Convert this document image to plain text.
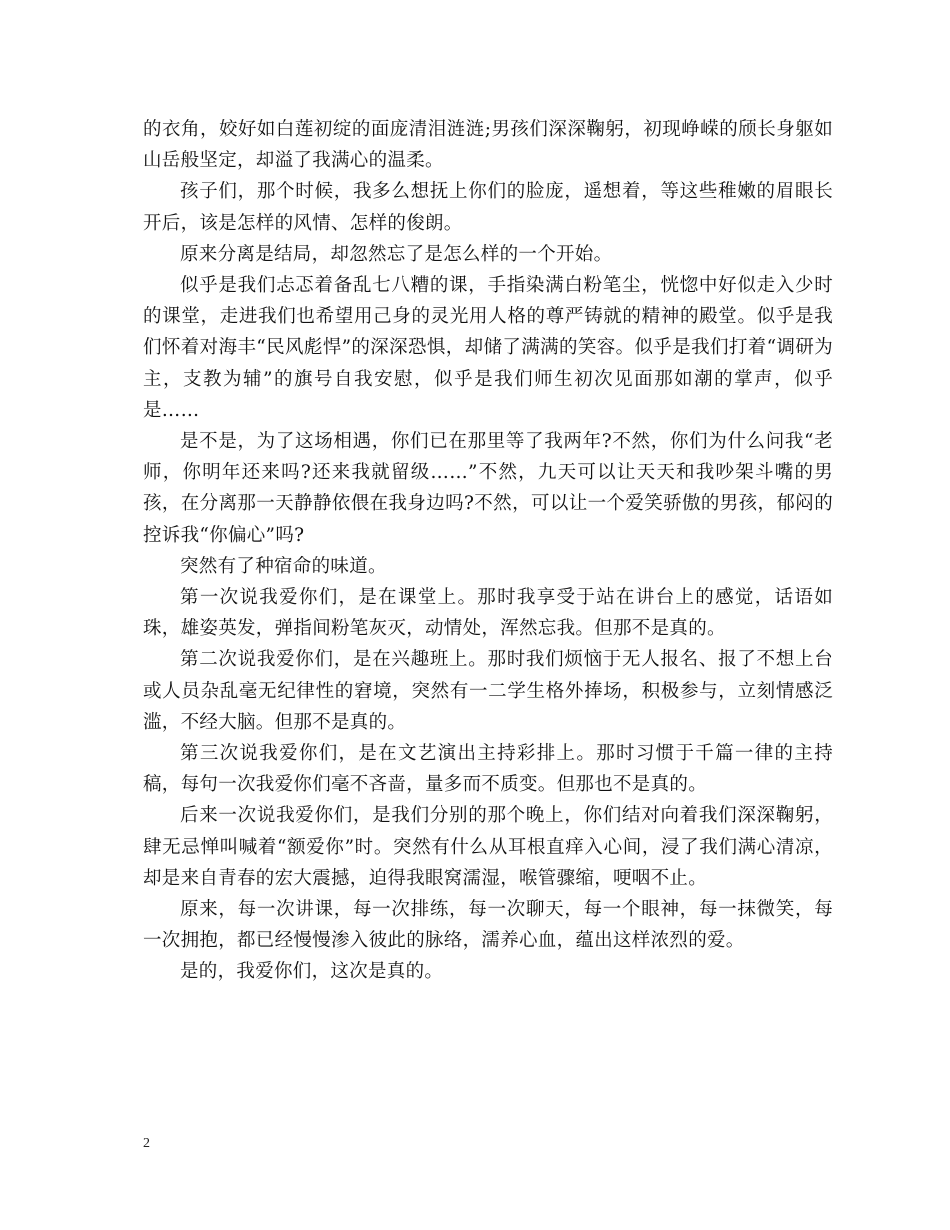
的衣角，姣好如白莲初绽的面庞清泪涟涟;男孩们深深鞠躬，初现峥嵘的颀长身躯如山岳般坚定，却溢了我满心的温柔。

孩子们，那个时候，我多么想抚上你们的脸庞，遥想着，等这些稚嫩的眉眼长开后，该是怎样的风情、怎样的俊朗。

原来分离是结局，却忽然忘了是怎么样的一个开始。

似乎是我们忐忑着备乱七八糟的课，手指染满白粉笔尘，恍惚中好似走入少时的课堂，走进我们也希望用己身的灵光用人格的尊严铸就的精神的殿堂。似乎是我们怀着对海丰“民风彪悍”的深深恐惧，却储了满满的笑容。似乎是我们打着“调研为主，支教为辅”的旗号自我安慰，似乎是我们师生初次见面那如潮的掌声，似乎是……

是不是，为了这场相遇，你们已在那里等了我两年?不然，你们为什么问我“老师，你明年还来吗?还来我就留级……”不然，九天可以让天天和我吵架斗嘴的男孩，在分离那一天静静依偎在我身边吗?不然，可以让一个爱笑骄傲的男孩，郁闷的控诉我“你偏心”吗?

突然有了种宿命的味道。

第一次说我爱你们，是在课堂上。那时我享受于站在讲台上的感觉，话语如珠，雄姿英发，弹指间粉笔灰灭，动情处，浑然忘我。但那不是真的。

第二次说我爱你们，是在兴趣班上。那时我们烦恼于无人报名、报了不想上台或人员杂乱毫无纪律性的窘境，突然有一二学生格外捧场，积极参与，立刻情感泛滥，不经大脑。但那不是真的。

第三次说我爱你们，是在文艺演出主持彩排上。那时习惯于千篇一律的主持稿，每句一次我爱你们毫不吝啬，量多而不质变。但那也不是真的。

后来一次说我爱你们，是我们分别的那个晚上，你们结对向着我们深深鞠躬，肆无忌惮叫喊着“额爱你”时。突然有什么从耳根直痒入心间，浸了我们满心清凉，却是来自青春的宏大震撼，迫得我眼窝濡湿，喉管骤缩，哽咽不止。

原来，每一次讲课，每一次排练，每一次聊天，每一个眼神，每一抹微笑，每一次拥抱，都已经慢慢渗入彼此的脉络，濡养心血，蕴出这样浓烈的爱。

是的，我爱你们，这次是真的。

2
